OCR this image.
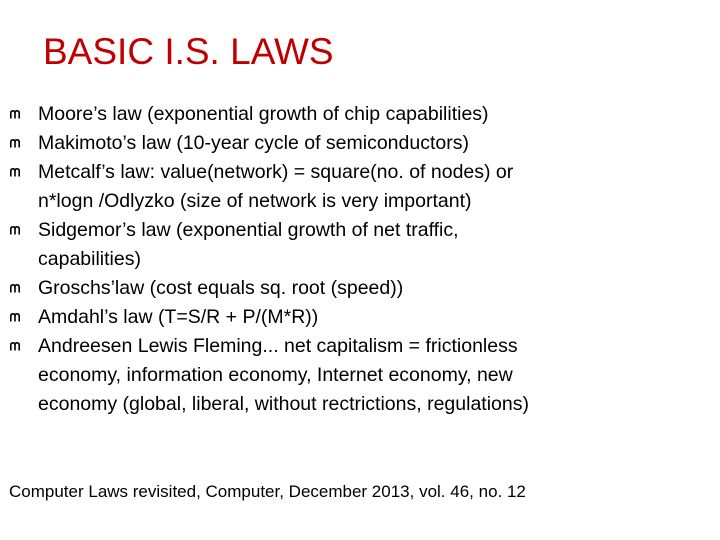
BASIC I.S. LAWS
Moore’s law (exponential growth of chip capabilities)
Makimoto’s law (10-year cycle of semiconductors)
Metcalf’s law: value(network) = square(no. of nodes) or
n*logn /Odlyzko (size of network is very important)
Sidgemor’s law (exponential growth of net traffic,
capabilities)
Groschs’law (cost equals sq. root (speed))
Amdahl’s law (T=S/R + P/(M*R))
Andreesen Lewis Fleming... net capitalism = frictionless
economy, information economy, Internet economy, new
economy (global, liberal, without rectrictions, regulations)
Computer Laws revisited, Computer, December 2013, vol. 46, no. 12
